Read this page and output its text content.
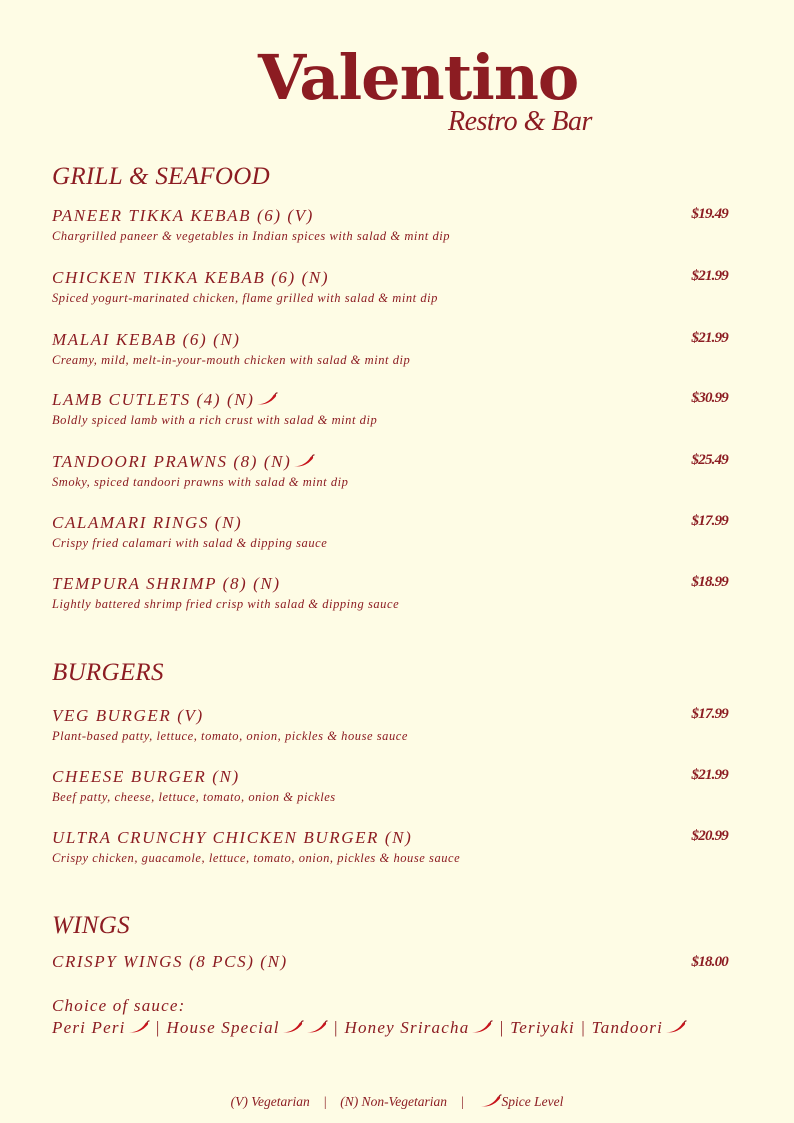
Valentino
Restro & Bar
GRILL & SEAFOOD
BURGERS
WINGS
Choice of sauce:
Peri Peri | House Special	| Honey Sriracha | Teriyaki | Tandoori
(V) Vegetarian | (N) Non-Vegetarian |	Spice Level
PANEER TIKKA KEBAB (6) (V)
Chargrilled paneer & vegetables in Indian spices with salad & mint dip
$19.49
CHICKEN TIKKA KEBAB (6) (N)
Spiced yogurt-marinated chicken, flame grilled with salad & mint dip
$21.99
MALAI KEBAB (6) (N)
Creamy, mild, melt-in-your-mouth chicken with salad & mint dip
$21.99
LAMB CUTLETS (4) (N)
Boldly spiced lamb with a rich crust with salad & mint dip
$30.99
TANDOORI PRAWNS (8) (N)
Smoky, spiced tandoori prawns with salad & mint dip
$25.49
CALAMARI RINGS (N)
Crispy fried calamari with salad & dipping sauce
$17.99
TEMPURA SHRIMP (8) (N)
Lightly battered shrimp fried crisp with salad & dipping sauce
$18.99
VEG BURGER (V)
Plant-based patty, lettuce, tomato, onion, pickles & house sauce
$17.99
CHEESE BURGER (N)
Beef patty, cheese, lettuce, tomato, onion & pickles
$21.99
ULTRA CRUNCHY CHICKEN BURGER (N)
Crispy chicken, guacamole, lettuce, tomato, onion, pickles & house sauce
$20.99
CRISPY WINGS (8 PCS) (N)	$18.00
